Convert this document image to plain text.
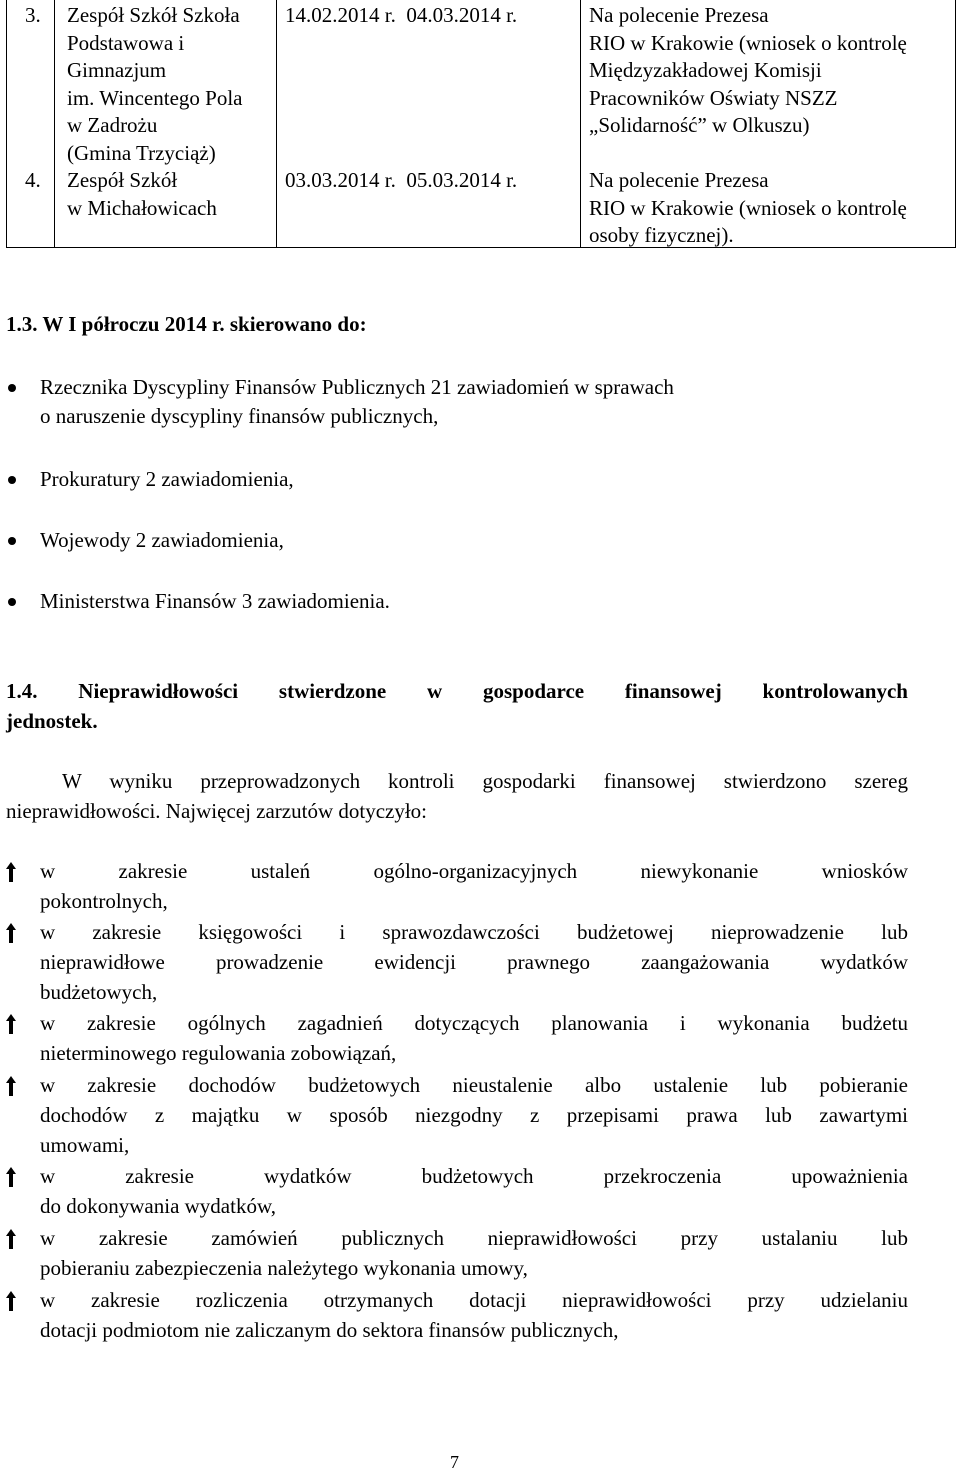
3. Zespół Szkół Szkoła
Podstawowa i
Gimnazjum
im. Wincentego Pola
w Zadrożu
(Gmina Trzyciąż)
14.02.2014 r.  04.03.2014 r.	Na polecenie Prezesa
RIO w Krakowie (wniosek o kontrolę
Międzyzakładowej Komisji
Pracowników Oświaty NSZZ
„Solidarność” w Olkuszu)
4. Zespół Szkół
w Michałowicach
03.03.2014 r.  05.03.2014 r.	Na polecenie Prezesa
RIO w Krakowie (wniosek o kontrolę
osoby fizycznej).
1.3. W I półroczu 2014 r. skierowano do:
Rzecznika Dyscypliny Finansów Publicznych 21 zawiadomień w sprawach
o naruszenie dyscypliny finansów publicznych,
Prokuratury 2 zawiadomienia,
Wojewody 2 zawiadomienia,
Ministerstwa Finansów 3 zawiadomienia.
1.4. Nieprawidłowości stwierdzone w gospodarce finansowej kontrolowanych
jednostek.
W wyniku przeprowadzonych kontroli gospodarki finansowej stwierdzono szereg
nieprawidłowości. Najwięcej zarzutów dotyczyło:
w zakresie ustaleń ogólno-organizacyjnych niewykonanie wniosków
pokontrolnych,
w zakresie księgowości i sprawozdawczości budżetowej nieprowadzenie lub
nieprawidłowe prowadzenie ewidencji prawnego zaangażowania wydatków
budżetowych,
w zakresie ogólnych zagadnień dotyczących planowania i wykonania budżetu
nieterminowego regulowania zobowiązań,
w zakresie dochodów budżetowych nieustalenie albo ustalenie lub pobieranie
dochodów z majątku w sposób niezgodny z przepisami prawa lub zawartymi
umowami,
w zakresie wydatków budżetowych przekroczenia upoważnienia
do dokonywania wydatków,
w zakresie zamówień publicznych nieprawidłowości przy ustalaniu lub
pobieraniu zabezpieczenia należytego wykonania umowy,
w zakresie rozliczenia otrzymanych dotacji nieprawidłowości przy udzielaniu
dotacji podmiotom nie zaliczanym do sektora finansów publicznych,
7
